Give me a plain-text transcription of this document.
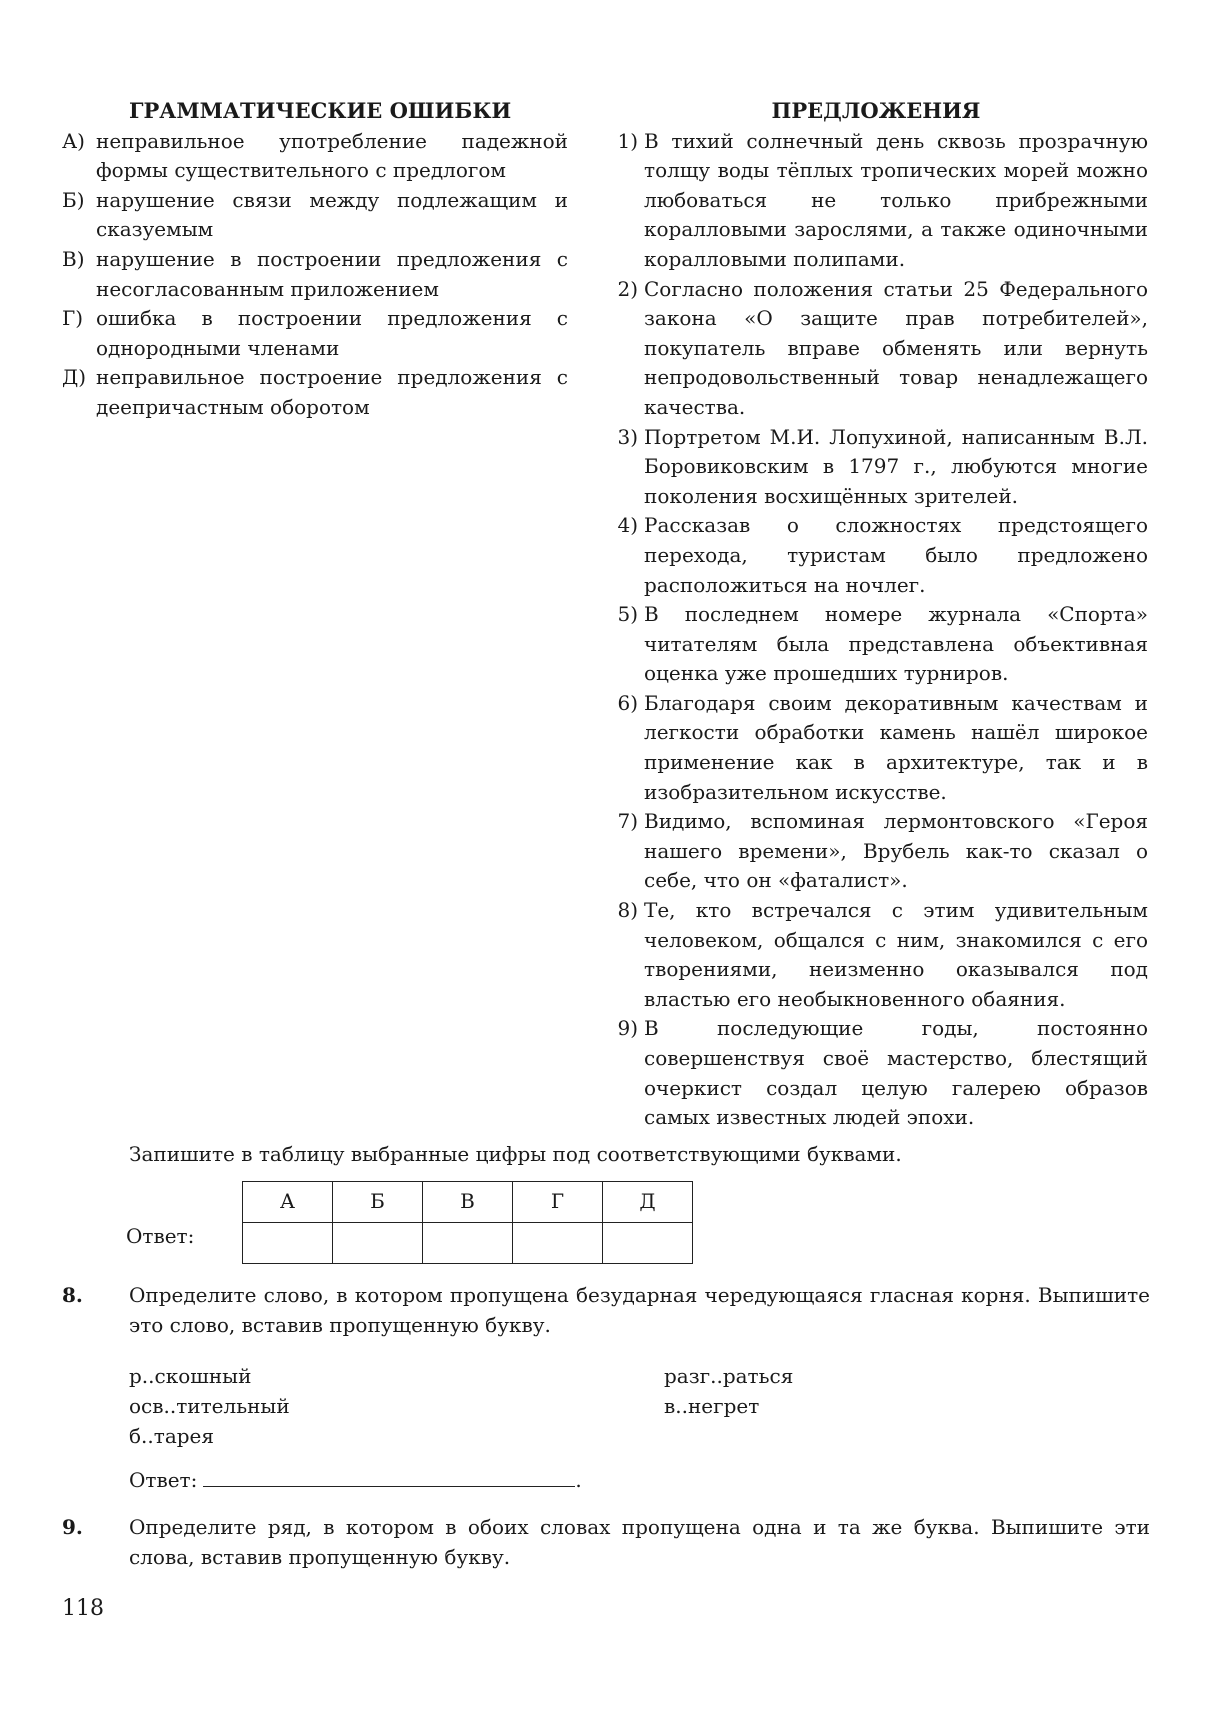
ГРАММАТИЧЕСКИЕ ОШИБКИ
А) неправильное употребление падежной формы существительного с предлогом
Б) нарушение связи между подлежащим и сказуемым
В) нарушение в построении предложения с несогласованным приложением
Г) ошибка в построении предложения с однородными членами
Д) неправильное построение предложения с деепричастным оборотом
ПРЕДЛОЖЕНИЯ
1) В тихий солнечный день сквозь прозрачную толщу воды тёплых тропических морей можно любоваться не только прибрежными коралловыми зарослями, а также одиночными коралловыми полипами.
2) Согласно положения статьи 25 Федерального закона «О защите прав потребителей», покупатель вправе обменять или вернуть непродовольственный товар ненадлежащего качества.
3) Портретом М.И. Лопухиной, написанным В.Л. Боровиковским в 1797 г., любуются многие поколения восхищённых зрителей.
4) Рассказав о сложностях предстоящего перехода, туристам было предложено расположиться на ночлег.
5) В последнем номере журнала «Спорта» читателям была представлена объективная оценка уже прошедших турниров.
6) Благодаря своим декоративным качествам и легкости обработки камень нашёл широкое применение как в архитектуре, так и в изобразительном искусстве.
7) Видимо, вспоминая лермонтовского «Героя нашего времени», Врубель как-то сказал о себе, что он «фаталист».
8) Те, кто встречался с этим удивительным человеком, общался с ним, знакомился с его творениями, неизменно оказывался под властью его необыкновенного обаяния.
9) В последующие годы, постоянно совершенствуя своё мастерство, блестящий очеркист создал целую галерею образов самых известных людей эпохи.
Запишите в таблицу выбранные цифры под соответствующими буквами.
Ответ:
А	Б	В	Г	Д

8.	Определите слово, в котором пропущена безударная чередующаяся гласная корня. Выпишите это слово, вставив пропущенную букву.
р..скошный
осв..тительный
б..тарея
разг..раться
в..негрет
Ответ:	.
9.	Определите ряд, в котором в обоих словах пропущена одна и та же буква. Выпишите эти слова, вставив пропущенную букву.
118
